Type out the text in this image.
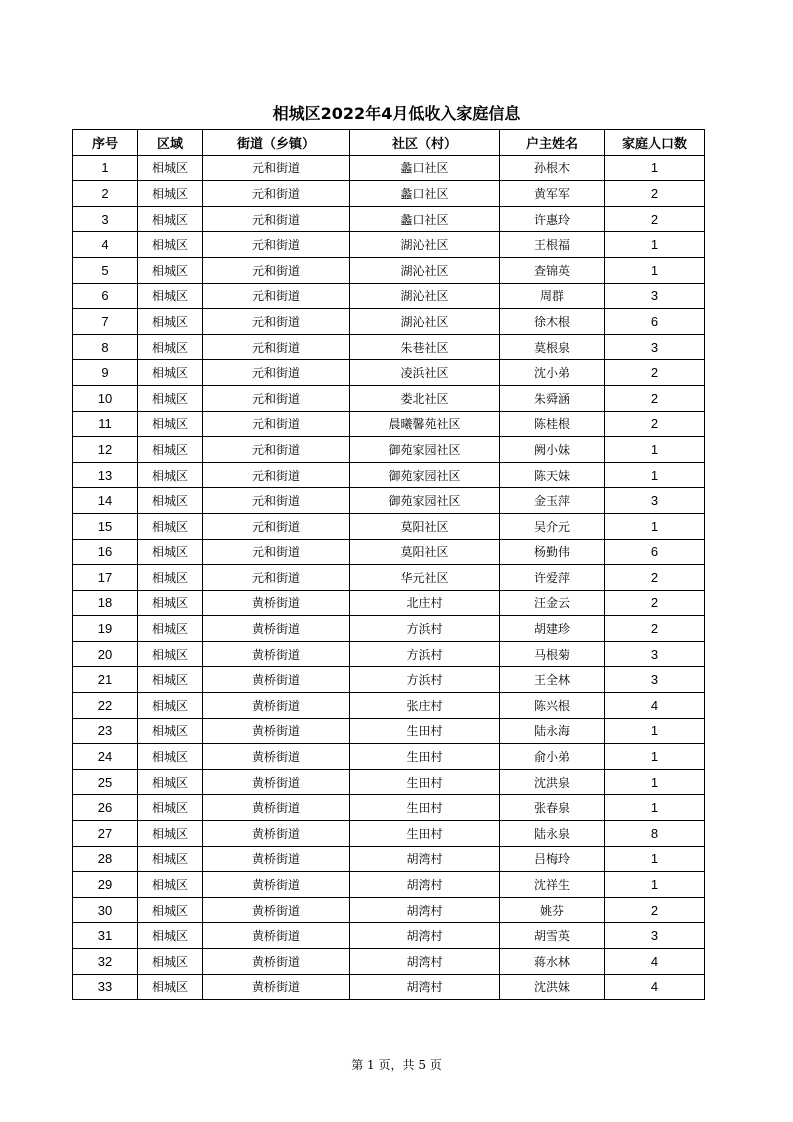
相城区2022年4月低收入家庭信息
序号	区域	街道（乡镇）	社区（村）	户主姓名	家庭人口数
1	相城区	元和街道	蠡口社区	孙根木	1
2	相城区	元和街道	蠡口社区	黄军军	2
3	相城区	元和街道	蠡口社区	许惠玲	2
4	相城区	元和街道	湖沁社区	王根福	1
5	相城区	元和街道	湖沁社区	查锦英	1
6	相城区	元和街道	湖沁社区	周群	3
7	相城区	元和街道	湖沁社区	徐木根	6
8	相城区	元和街道	朱巷社区	莫根泉	3
9	相城区	元和街道	凌浜社区	沈小弟	2
10	相城区	元和街道	娄北社区	朱舜涵	2
11	相城区	元和街道	晨曦馨苑社区	陈桂根	2
12	相城区	元和街道	御苑家园社区	阙小妹	1
13	相城区	元和街道	御苑家园社区	陈天妹	1
14	相城区	元和街道	御苑家园社区	金玉萍	3
15	相城区	元和街道	莫阳社区	吴介元	1
16	相城区	元和街道	莫阳社区	杨勤伟	6
17	相城区	元和街道	华元社区	许爱萍	2
18	相城区	黄桥街道	北庄村	汪金云	2
19	相城区	黄桥街道	方浜村	胡建珍	2
20	相城区	黄桥街道	方浜村	马根菊	3
21	相城区	黄桥街道	方浜村	王全林	3
22	相城区	黄桥街道	张庄村	陈兴根	4
23	相城区	黄桥街道	生田村	陆永海	1
24	相城区	黄桥街道	生田村	俞小弟	1
25	相城区	黄桥街道	生田村	沈洪泉	1
26	相城区	黄桥街道	生田村	张春泉	1
27	相城区	黄桥街道	生田村	陆永泉	8
28	相城区	黄桥街道	胡湾村	吕梅玲	1
29	相城区	黄桥街道	胡湾村	沈祥生	1
30	相城区	黄桥街道	胡湾村	姚芬	2
31	相城区	黄桥街道	胡湾村	胡雪英	3
32	相城区	黄桥街道	胡湾村	蒋水林	4
33	相城区	黄桥街道	胡湾村	沈洪妹	4
第 1 页，共 5 页
